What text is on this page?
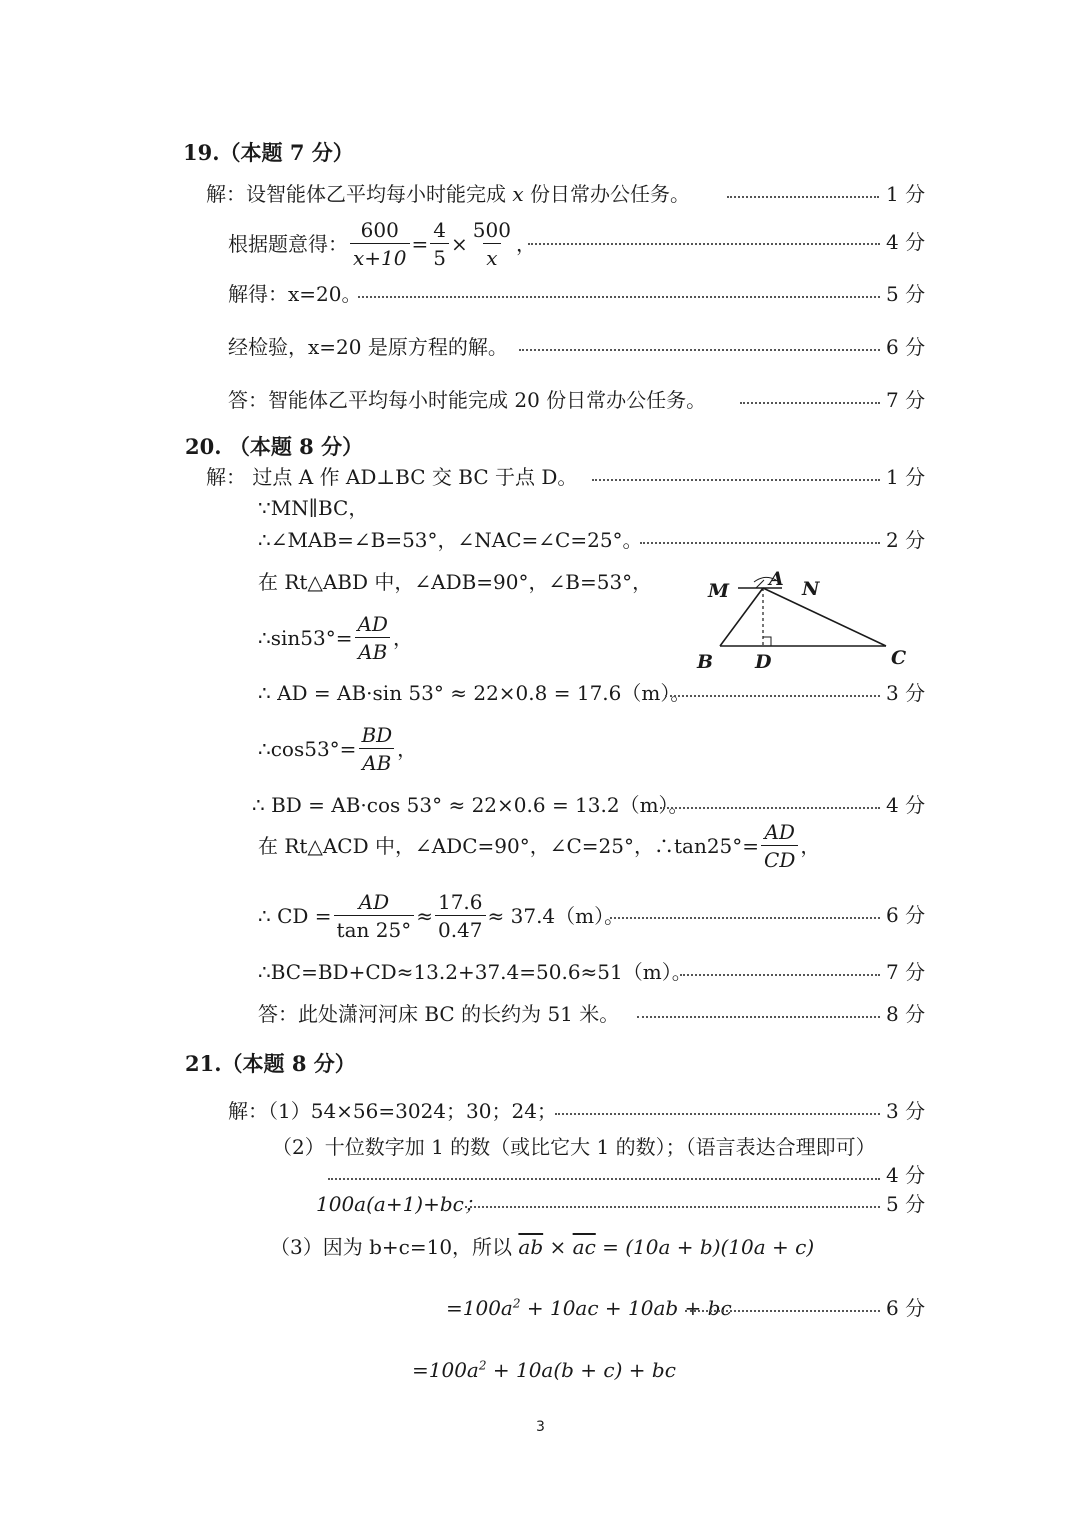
19.（本题 7 分）
解：设智能体乙平均每小时能完成 x 份日常办公任务。	1 分
根据题意得： $\frac{600}{x+10} = \frac{4}{5} \times \frac{500}{x}$ ，	4 分
解得：x=20。	5 分
经检验，x=20 是原方程的解。	6 分
答：智能体乙平均每小时能完成 20 份日常办公任务。	7 分
20. （本题 8 分）
解： 过点 A 作 AD⊥BC 交 BC 于点 D。	1 分
∵MN∥BC，
∴∠MAB=∠B=53°，∠NAC=∠C=25°。	2 分
在 Rt△ABD 中，∠ADB=90°，∠B=53°，
∴sin53°= $\frac{AD}{AB}$ ，
∴ AD = AB·sin 53° ≈ 22×0.8 = 17.6（m）。	3 分
∴cos53°= $\frac{BD}{AB}$ ，
∴ BD = AB·cos 53° ≈ 22×0.6 = 13.2（m）。	4 分
在 Rt△ACD 中，∠ADC=90°，∠C=25°，∴tan25°= $\frac{AD}{CD}$ ，
∴ CD = $\frac{AD}{\tan 25^\circ} \approx \frac{17.6}{0.47} \approx 37.4(m)$。	6 分
∴BC=BD+CD≈13.2+37.4=50.6≈51（m）。	7 分
答：此处潇河河床 BC 的长约为 51 米。	8 分
M
A N
B D	C
21.（本题 8 分）
解：（1）54×56=3024；30；24；	3 分
（2）十位数字加 1 的数（或比它大 1 的数）；（语言表达合理即可）
4 分
100a(a+1)+bc；	5 分
（3）因为 b+c=10，所以 $\overline{ab} \times \overline{ac} = (10a + b)(10a + c)$
$=100a^2 + 10ac + 10ab$ + bc	6 分
$=100a^2 + 10a(b + c)$ + bc
3
